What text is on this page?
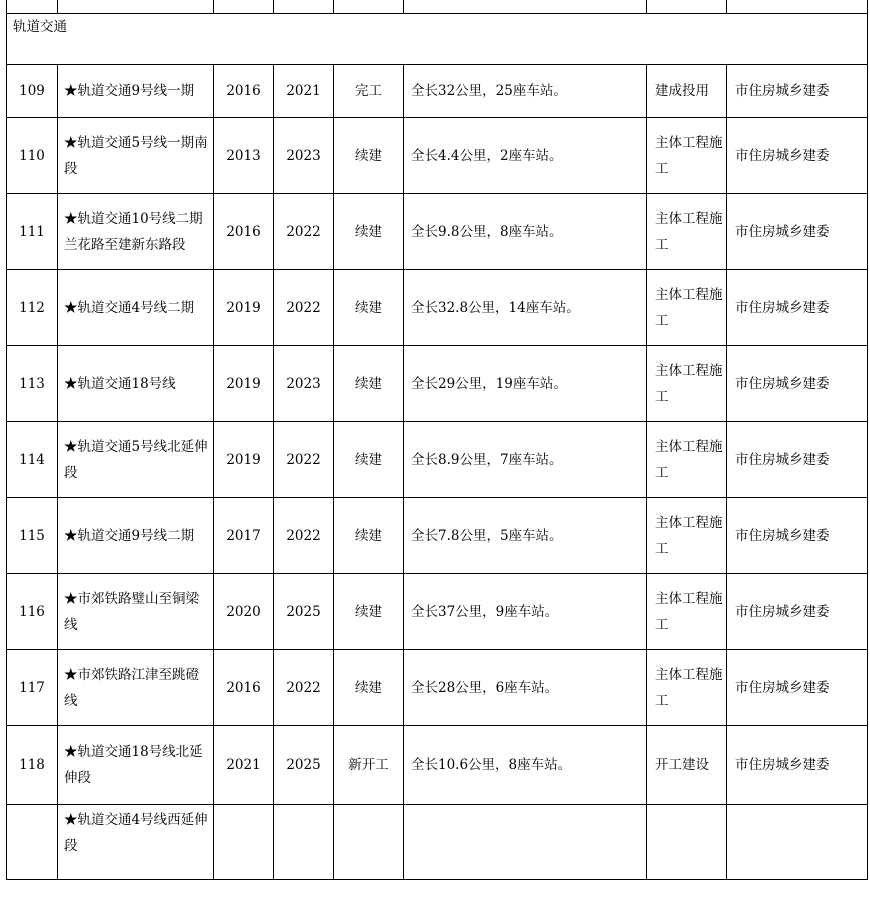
轨道交通							
109	★轨道交通9号线一期	2016	2021	完工	全长32公里，25座车站。	建成投用	市住房城乡建委
110	★轨道交通5号线一期南段	2013	2023	续建	全长4.4公里，2座车站。	主体工程施工	市住房城乡建委
111	★轨道交通10号线二期兰花路至建新东路段	2016	2022	续建	全长9.8公里，8座车站。	主体工程施工	市住房城乡建委
112	★轨道交通4号线二期	2019	2022	续建	全长32.8公里，14座车站。	主体工程施工	市住房城乡建委
113	★轨道交通18号线	2019	2023	续建	全长29公里，19座车站。	主体工程施工	市住房城乡建委
114	★轨道交通5号线北延伸段	2019	2022	续建	全长8.9公里，7座车站。	主体工程施工	市住房城乡建委
115	★轨道交通9号线二期	2017	2022	续建	全长7.8公里，5座车站。	主体工程施工	市住房城乡建委
116	★市郊铁路璧山至铜梁线	2020	2025	续建	全长37公里，9座车站。	主体工程施工	市住房城乡建委
117	★市郊铁路江津至跳磴线	2016	2022	续建	全长28公里，6座车站。	主体工程施工	市住房城乡建委
118	★轨道交通18号线北延伸段	2021	2025	新开工	全长10.6公里，8座车站。	开工建设	市住房城乡建委
	★轨道交通4号线西延伸段						
